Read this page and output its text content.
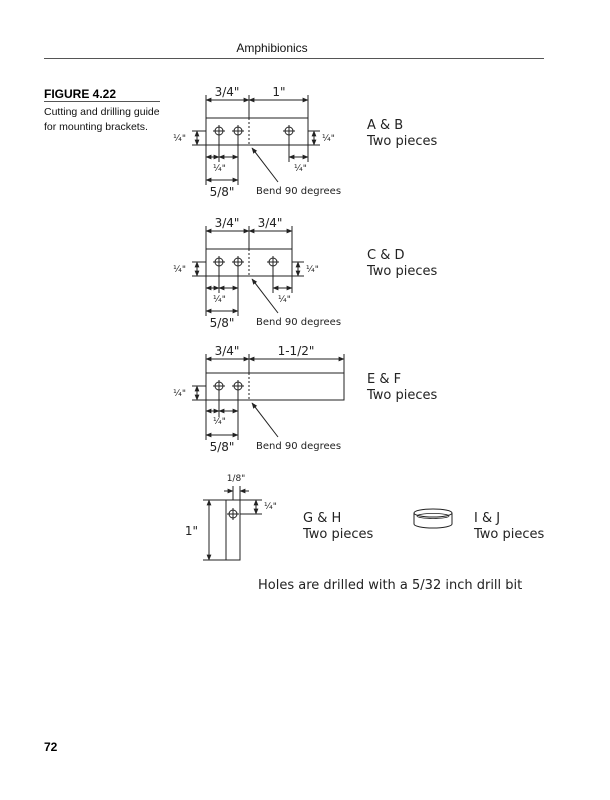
Amphibionics
FIGURE 4.22
Cutting and drilling guide for mounting brackets.
3/4"	1"
¼"	¼"
¼"	¼"
5/8" Bend 90 degrees
A & B
Two pieces
3/4" 3/4"
¼"	¼"
¼"	¼"
5/8" Bend 90 degrees
C & D
Two pieces
3/4"	1-1/2"
¼"
¼"
5/8" Bend 90 degrees
E & F
Two pieces
1/8"
¼"
1"
G & H
Two pieces
I & J
Two pieces
Holes are drilled with a 5/32 inch drill bit
72
